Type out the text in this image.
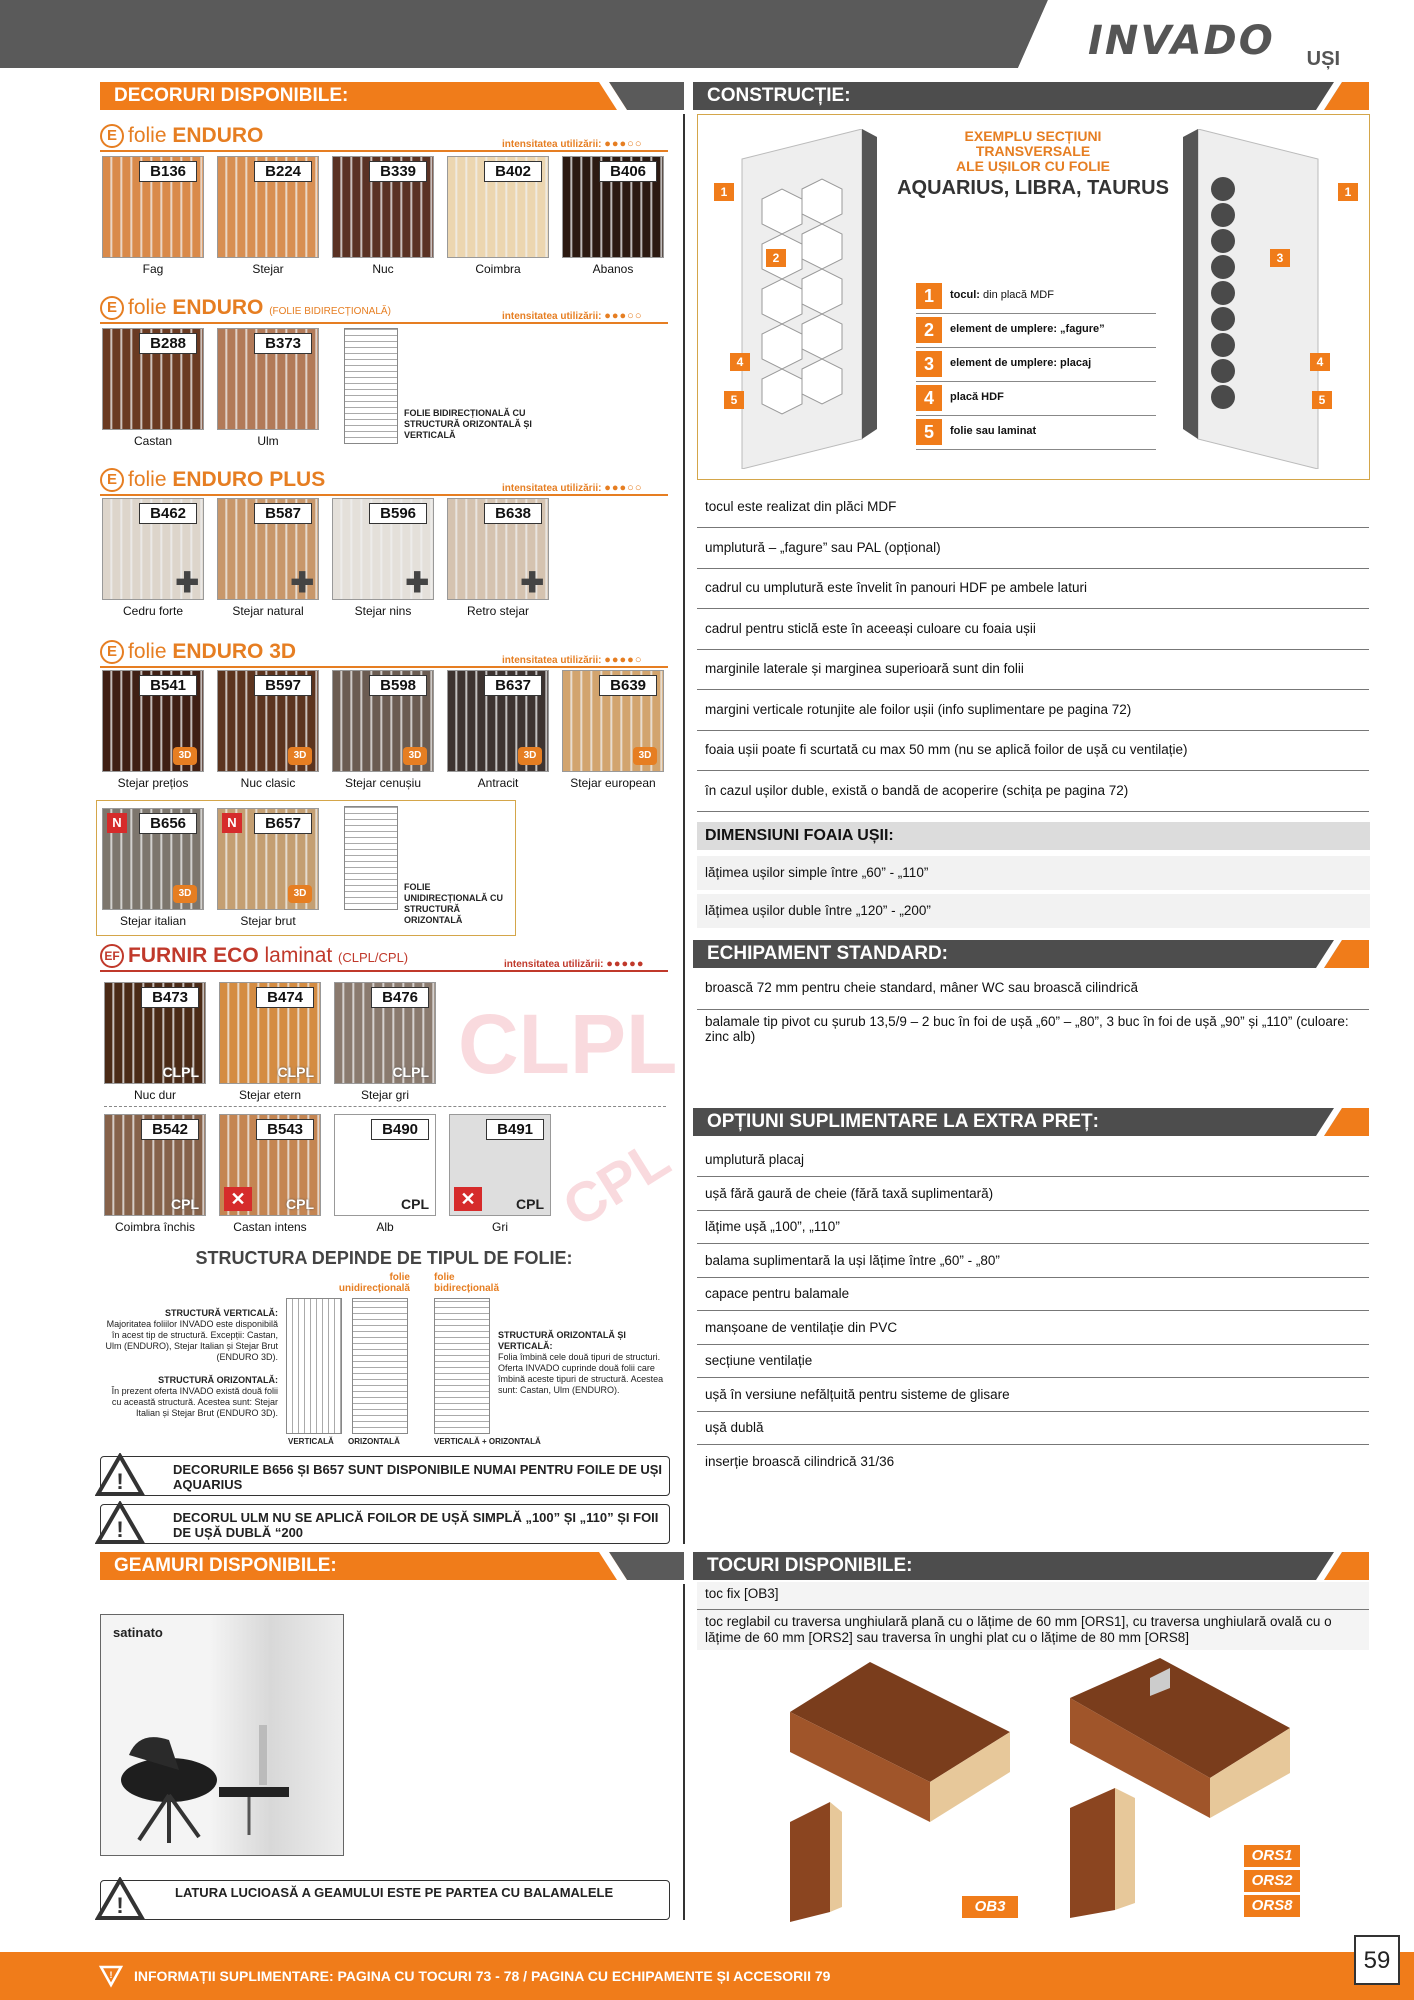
INVADO UȘI
DECORURI DISPONIBILE:	CONSTRUCȚIE:
E folie ENDURO	intensitatea utilizării: ●●●○○
B136
Fag
B224
Stejar
B339
Nuc
B402
Coimbra
B406
Abanos
E folie ENDURO (FOLIE BIDIRECȚIONALĂ)	intensitatea utilizării: ●●●○○
B288
Castan
B373
Ulm
FOLIE BIDIRECȚIONALĂ CU STRUCTURĂ ORIZONTALĂ ȘI VERTICALĂ
E folie ENDURO PLUS	intensitatea utilizării: ●●●○○
B462
✚
Cedru forte
B587
✚
Stejar natural
B596
✚
Stejar nins
B638
✚
Retro stejar
E folie ENDURO 3D	intensitatea utilizării: ●●●●○
B541
3D
Stejar prețios
B597
3D
Nuc clasic
B598
3D
Stejar cenușiu
B637
3D
Antracit
B639
3D
Stejar european
B656
3D
N
Stejar italian
B657
3D
N
Stejar brut
FOLIE UNIDIRECȚIONALĂ CU STRUCTURĂ ORIZONTALĂ
EF FURNIR ECO laminat (CLPL/CPL)	intensitatea utilizării: ●●●●●
B473
CLPL
Nuc dur
B474
CLPL
Stejar etern
B476
CLPL
Stejar gri
CLPL
B542
CPL
Coimbra închis
B543
CPL
✕
Castan intens
B490
CPL
Alb
B491
CPL
✕
Gri CPL
STRUCTURA DEPINDE DE TIPUL DE FOLIE:
folie unidirecțională
folie bidirecțională
STRUCTURĂ VERTICALĂ:
Majoritatea foliilor INVADO este disponibilă în acest tip de structură. Excepții: Castan, Ulm (ENDURO), Stejar Italian și Stejar Brut (ENDURO 3D).
STRUCTURĂ ORIZONTALĂ:
În prezent oferta INVADO există două folii cu această structură. Acestea sunt: Stejar Italian și Stejar Brut (ENDURO 3D).
VERTICALĂ	ORIZONTALĂ	VERTICALĂ + ORIZONTALĂ
STRUCTURĂ ORIZONTALĂ ȘI VERTICALĂ:
Folia îmbină cele două tipuri de structuri. Oferta INVADO cuprinde două folii care îmbină aceste tipuri de structură. Acestea sunt: Castan, Ulm (ENDURO).
!	DECORURILE B656 ȘI B657 SUNT DISPONIBILE NUMAI PENTRU FOILE DE UȘI AQUARIUS
!	DECORUL ULM NU SE APLICĂ FOILOR DE UȘĂ SIMPLĂ „100” ȘI „110” ȘI FOII DE UȘĂ DUBLĂ “200
EXEMPLU SECȚIUNI
TRANSVERSALE
ALE UȘILOR CU FOLIE
AQUARIUS, LIBRA, TAURUS
1	tocul: din placă MDF
2	element de umplere: „fagure”
3	element de umplere: placaj
4	placă HDF
5	folie sau laminat
1
2
4
5
1
3
4
5
tocul este realizat din plăci MDF
umplutură – „fagure” sau PAL (opțional)
cadrul cu umplutură este învelit în panouri HDF pe ambele laturi
cadrul pentru sticlă este în aceeași culoare cu foaia ușii
marginile laterale și marginea superioară sunt din folii
margini verticale rotunjite ale foilor ușii (info suplimentare pe pagina 72)
foaia ușii poate fi scurtată cu max 50 mm (nu se aplică foilor de ușă cu ventilație)
în cazul ușilor duble, există o bandă de acoperire (schița pe pagina 72)
DIMENSIUNI FOAIA UȘII:
lățimea ușilor simple între „60” - „110”
lățimea ușilor duble între „120” - „200”
ECHIPAMENT STANDARD:
broască 72 mm pentru cheie standard, mâner WC sau broască cilindrică
balamale tip pivot cu șurub 13,5/9 – 2 buc în foi de ușă „60” – „80”, 3 buc în foi de ușă „90” și „110” (culoare: zinc alb)
OPȚIUNI SUPLIMENTARE LA EXTRA PREȚ:
umplutură placaj
ușă fără gaură de cheie (fără taxă suplimentară)
lățime ușă „100”, „110”
balama suplimentară la uși lățime între „60” - „80”
capace pentru balamale
manșoane de ventilație din PVC
secțiune ventilație
ușă în versiune nefălțuită pentru sisteme de glisare
ușă dublă
inserție broască cilindrică 31/36
GEAMURI DISPONIBILE:
satinato
!
LATURA LUCIOASĂ A GEAMULUI ESTE PE PARTEA CU BALAMALELE
TOCURI DISPONIBILE:
toc fix [OB3]
toc reglabil cu traversa unghiulară plană cu o lățime de 60 mm [ORS1], cu traversa unghiulară ovală cu o lățime de 60 mm [ORS2] sau traversa în unghi plat cu o lățime de 80 mm [ORS8]
OB3
ORS1
ORS2
ORS8
! INFORMAȚII SUPLIMENTARE: PAGINA CU TOCURI 73 - 78 / PAGINA CU ECHIPAMENTE ȘI ACCESORII 79
59
